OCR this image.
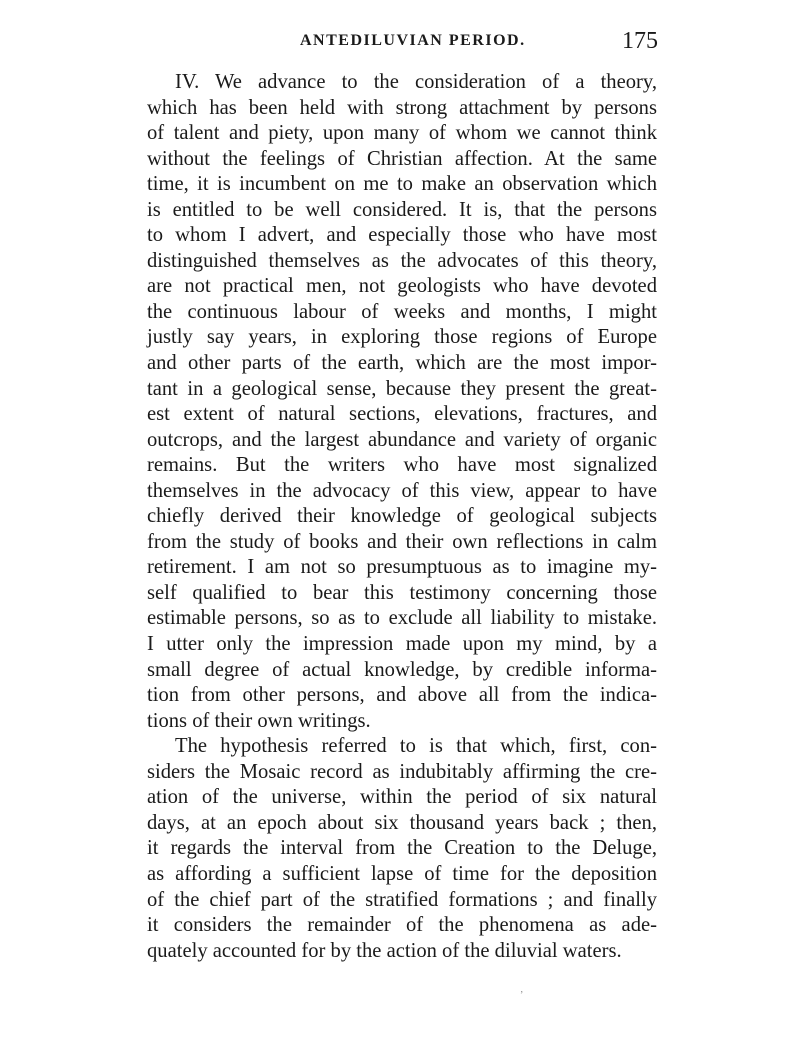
ANTEDILUVIAN PERIOD.	175
IV. We advance to the consideration of a theory,
which has been held with strong attachment by persons
of talent and piety, upon many of whom we cannot think
without the feelings of Christian affection. At the same
time, it is incumbent on me to make an observation which
is entitled to be well considered. It is, that the persons
to whom I advert, and especially those who have most
distinguished themselves as the advocates of this theory,
are not practical men, not geologists who have devoted
the continuous labour of weeks and months, I might
justly say years, in exploring those regions of Europe
and other parts of the earth, which are the most impor-
tant in a geological sense, because they present the great-
est extent of natural sections, elevations, fractures, and
outcrops, and the largest abundance and variety of organic
remains. But the writers who have most signalized
themselves in the advocacy of this view, appear to have
chiefly derived their knowledge of geological subjects
from the study of books and their own reflections in calm
retirement. I am not so presumptuous as to imagine my-
self qualified to bear this testimony concerning those
estimable persons, so as to exclude all liability to mistake.
I utter only the impression made upon my mind, by a
small degree of actual knowledge, by credible informa-
tion from other persons, and above all from the indica-
tions of their own writings.
The hypothesis referred to is that which, first, con-
siders the Mosaic record as indubitably affirming the cre-
ation of the universe, within the period of six natural
days, at an epoch about six thousand years back ; then,
it regards the interval from the Creation to the Deluge,
as affording a sufficient lapse of time for the deposition
of the chief part of the stratified formations ; and finally
it considers the remainder of the phenomena as ade-
quately accounted for by the action of the diluvial waters.
ʼ
